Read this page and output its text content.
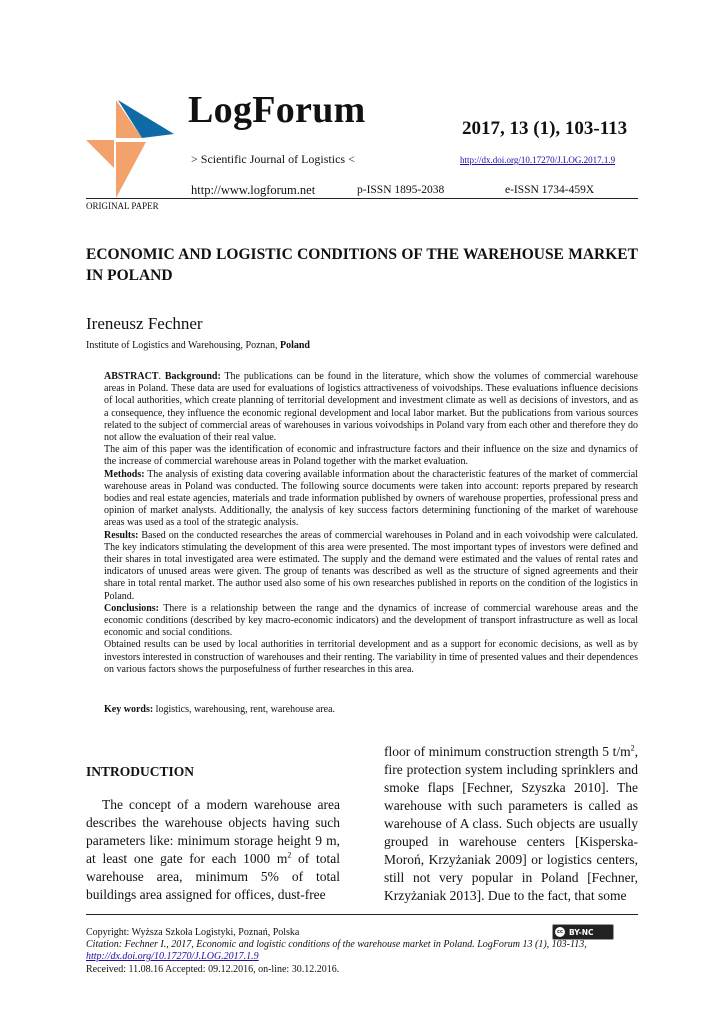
LogForum
> Scientific Journal of Logistics <
2017, 13 (1), 103-113
http://dx.doi.org/10.17270/J.LOG.2017.1.9
http://www.logforum.net	p-ISSN 1895-2038	e-ISSN 1734-459X
ORIGINAL PAPER
ECONOMIC AND LOGISTIC CONDITIONS OF THE WAREHOUSE MARKET IN POLAND
Ireneusz Fechner
Institute of Logistics and Warehousing, Poznan, Poland

ABSTRACT. Background: The publications can be found in the literature, which show the volumes of commercial warehouse areas in Poland. These data are used for evaluations of logistics attractiveness of voivodships. These evaluations influence decisions of local authorities, which create planning of territorial development and investment climate as well as decisions of investors, and as a consequence, they influence the economic regional development and local labor market. But the publications from various sources related to the subject of commercial areas of warehouses in various voivodships in Poland vary from each other and therefore they do not allow the evaluation of their real value.

The aim of this paper was the identification of economic and infrastructure factors and their influence on the size and dynamics of the increase of commercial warehouse areas in Poland together with the market evaluation.

Methods: The analysis of existing data covering available information about the characteristic features of the market of commercial warehouse areas in Poland was conducted. The following source documents were taken into account: reports prepared by research bodies and real estate agencies, materials and trade information published by owners of warehouse properties, professional press and opinion of market analysts. Additionally, the analysis of key success factors determining functioning of the market of warehouse areas was used as a tool of the strategic analysis.

Results: Based on the conducted researches the areas of commercial warehouses in Poland and in each voivodship were calculated. The key indicators stimulating the development of this area were presented. The most important types of investors were defined and their shares in total investigated area were estimated. The supply and the demand were estimated and the values of rental rates and indicators of unused areas were given. The group of tenants was described as well as the structure of signed agreements and their share in total rental market. The author used also some of his own researches published in reports on the condition of the logistics in Poland.

Conclusions: There is a relationship between the range and the dynamics of increase of commercial warehouse areas and the economic conditions (described by key macro-economic indicators) and the development of transport infrastructure as well as local economic and social conditions.

Obtained results can be used by local authorities in territorial development and as a support for economic decisions, as well as by investors interested in construction of warehouses and their renting. The variability in time of presented values and their dependences on various factors shows the purposefulness of further researches in this area.

Key words: logistics, warehousing, rent, warehouse area.
INTRODUCTION
The concept of a modern warehouse area describes the warehouse objects having such parameters like: minimum storage height 9 m, at least one gate for each 1000 $m^2$ of total warehouse area, minimum 5% of total buildings area assigned for offices, dust-free
floor of minimum construction strength 5 $t/m^2$, fire protection system including sprinklers and smoke flaps [Fechner, Szyszka 2010]. The warehouse with such parameters is called as warehouse of A class. Such objects are usually grouped in warehouse centers [Kisperska-Moroń, Krzyżaniak 2009] or logistics centers, still not very popular in Poland [Fechner, Krzyżaniak 2013]. Due to the fact, that some
Copyright: Wyższa Szkoła Logistyki, Poznań, Polska	cc BY-NC
Citation: Fechner I., 2017, Economic and logistic conditions of the warehouse market in Poland. LogForum 13 (1), 103-113,
http://dx.doi.org/10.17270/J.LOG.2017.1.9
Received: 11.08.16 Accepted: 09.12.2016, on-line: 30.12.2016.
